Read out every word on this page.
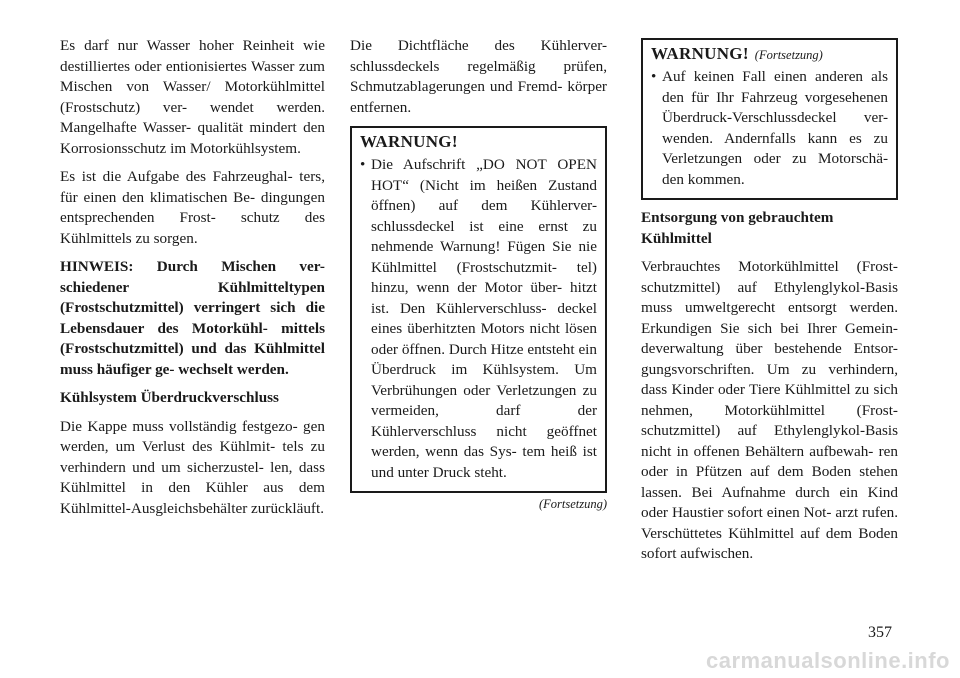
Es darf nur Wasser hoher Reinheit wie destilliertes oder entionisiertes Wasser zum Mischen von Wasser/ Motorkühlmittel (Frostschutz) ver- wendet werden. Mangelhafte Wasser- qualität mindert den Korrosionsschutz im Motorkühlsystem.

Es ist die Aufgabe des Fahrzeughal- ters, für einen den klimatischen Be- dingungen entsprechenden Frost- schutz des Kühlmittels zu sorgen.

HINWEIS: Durch Mischen ver- schiedener Kühlmitteltypen (Frostschutzmittel) verringert sich die Lebensdauer des Motorkühl- mittels (Frostschutzmittel) und das Kühlmittel muss häufiger ge- wechselt werden.

Kühlsystem Überdruckverschluss

Die Kappe muss vollständig festgezo- gen werden, um Verlust des Kühlmit- tels zu verhindern und um sicherzustel- len, dass Kühlmittel in den Kühler aus dem Kühlmittel-Ausgleichsbehälter zurückläuft.

Die Dichtfläche des Kühlerver- schlussdeckels regelmäßig prüfen, Schmutzablagerungen und Fremd- körper entfernen.

WARNUNG!
• Die Aufschrift „DO NOT OPEN HOT“ (Nicht im heißen Zustand öffnen) auf dem Kühlerver- schlussdeckel ist eine ernst zu nehmende Warnung! Fügen Sie nie Kühlmittel (Frostschutzmit- tel) hinzu, wenn der Motor über- hitzt ist. Den Kühlerverschluss- deckel eines überhitzten Motors nicht lösen oder öffnen. Durch Hitze entsteht ein Überdruck im Kühlsystem. Um Verbrühungen oder Verletzungen zu vermeiden, darf der Kühlerverschluss nicht geöffnet werden, wenn das Sys- tem heiß ist und unter Druck steht.

(Fortsetzung)
WARNUNG! (Fortsetzung)
• Auf keinen Fall einen anderen als den für Ihr Fahrzeug vorgesehenen Überdruck-Verschlussdeckel ver- wenden. Andernfalls kann es zu Verletzungen oder zu Motorschä- den kommen.

Entsorgung von gebrauchtem Kühlmittel

Verbrauchtes Motorkühlmittel (Frost- schutzmittel) auf Ethylenglykol-Basis muss umweltgerecht entsorgt werden. Erkundigen Sie sich bei Ihrer Gemein- deverwaltung über bestehende Entsor- gungsvorschriften. Um zu verhindern, dass Kinder oder Tiere Kühlmittel zu sich nehmen, Motorkühlmittel (Frost- schutzmittel) auf Ethylenglykol-Basis nicht in offenen Behältern aufbewah- ren oder in Pfützen auf dem Boden stehen lassen. Bei Aufnahme durch ein Kind oder Haustier sofort einen Not- arzt rufen. Verschüttetes Kühlmittel auf dem Boden sofort aufwischen.

357
carmanualsonline.info
